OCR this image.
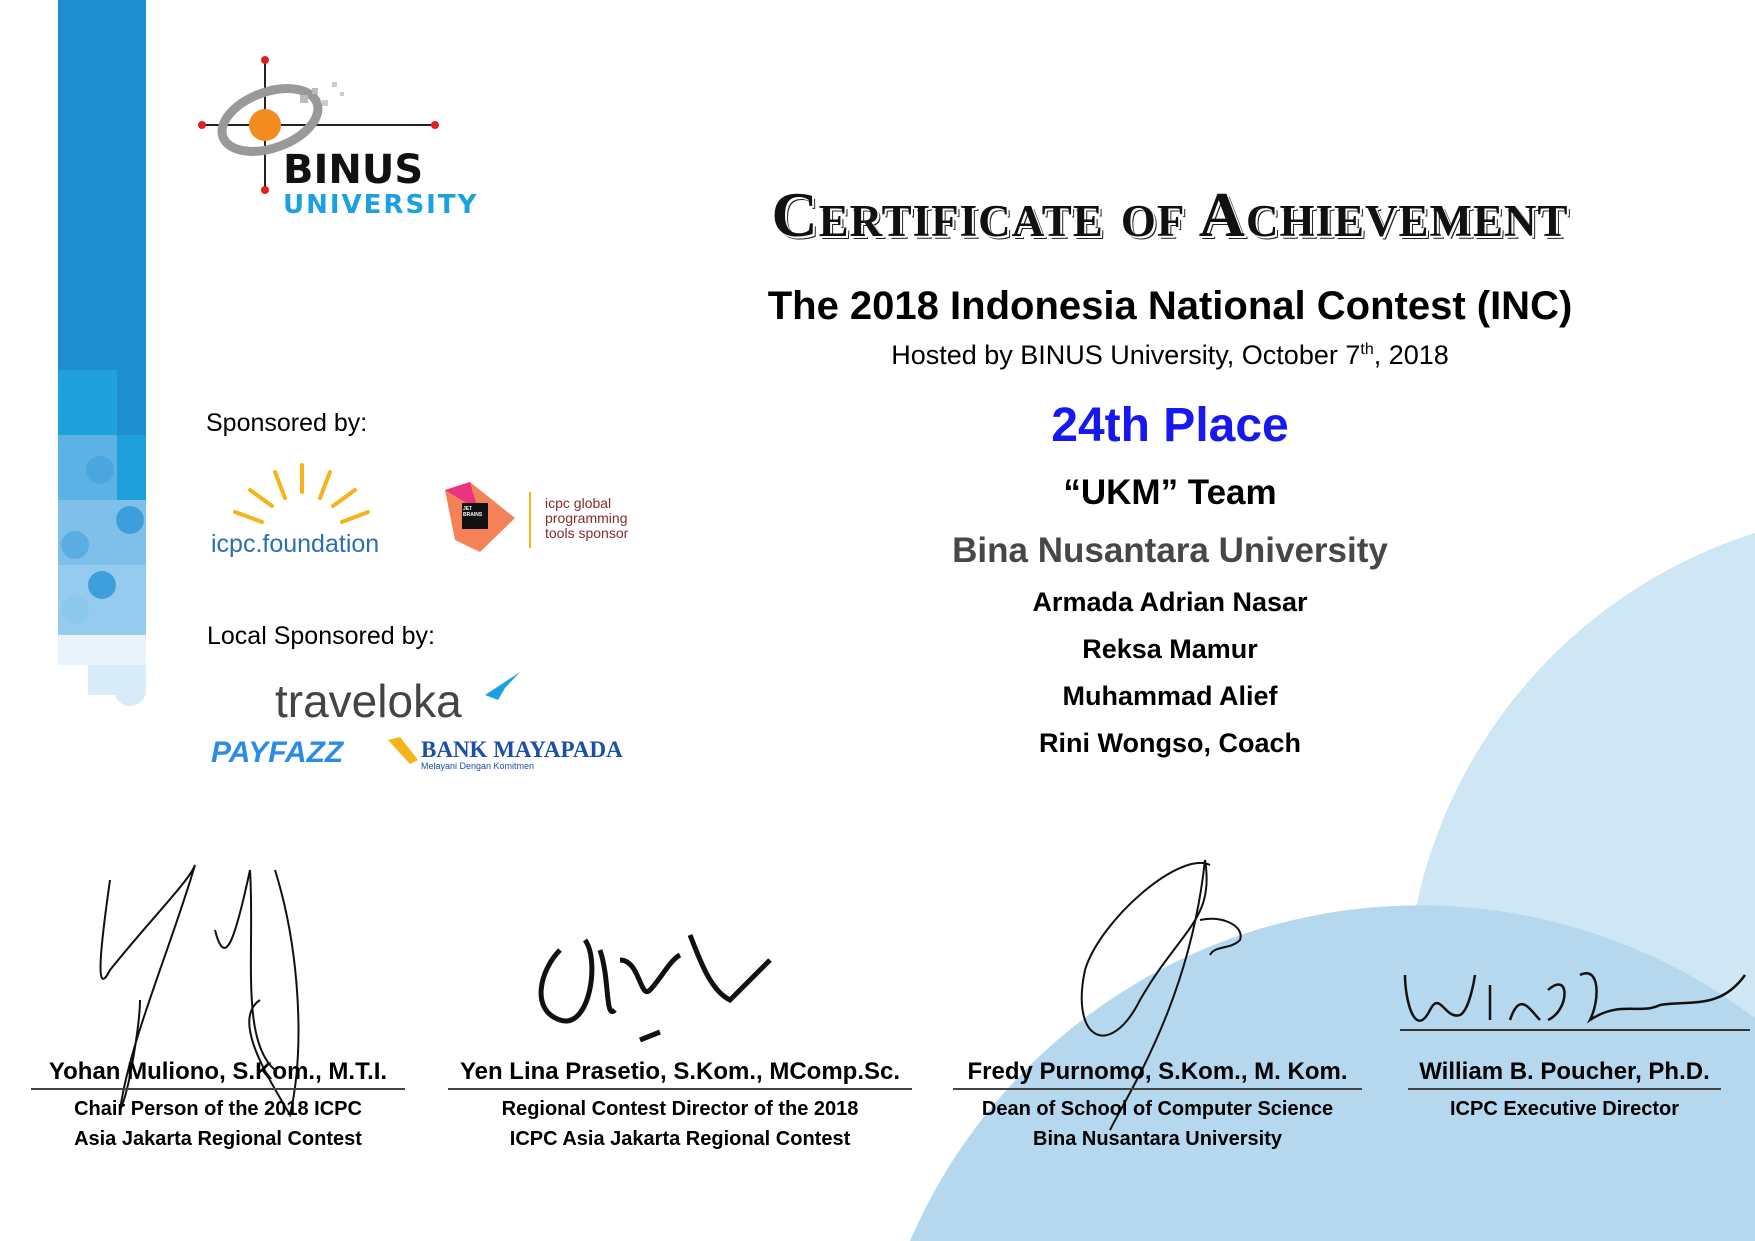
BINUS
UNIVERSITY	Certificate of Achievement
The 2018 Indonesia National Contest (INC)
Hosted by BINUS University, October 7th, 2018
24th Place
“UKM” Team
Bina Nusantara University
Armada Adrian Nasar
Reksa Mamur
Muhammad Alief
Rini Wongso, Coach
Sponsored by:
icpc.foundation
JET BRAINS
icpc global
programming
tools sponsor
Local Sponsored by:
traveloka
PAYFAZZ	BANK MAYAPADA
Melayani Dengan Komitmen
Yohan Muliono, S.Kom., M.T.I.
Chair Person of the 2018 ICPC
Asia Jakarta Regional Contest
Yen Lina Prasetio, S.Kom., MComp.Sc.
Regional Contest Director of the 2018
ICPC Asia Jakarta Regional Contest
Fredy Purnomo, S.Kom., M. Kom.
Dean of School of Computer Science
Bina Nusantara University
William B. Poucher, Ph.D.
ICPC Executive Director
